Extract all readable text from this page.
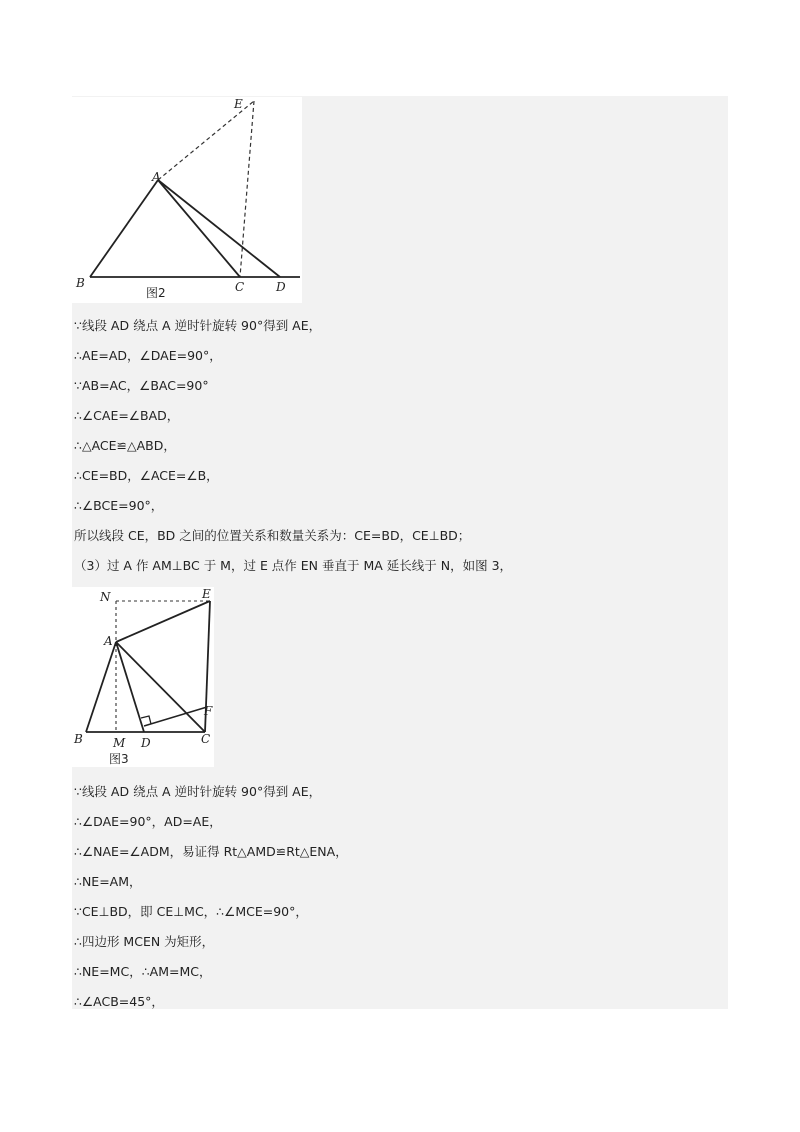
E
A
B	C	D
图2
∵线段 AD 绕点 A 逆时针旋转 90°得到 AE，
∴AE=AD，∠DAE=90°，
∵AB=AC，∠BAC=90°
∴∠CAE=∠BAD，
∴△ACE≌△ABD，
∴CE=BD，∠ACE=∠B，
∴∠BCE=90°，
所以线段 CE，BD 之间的位置关系和数量关系为：CE=BD，CE⊥BD；
（3）过 A 作 AM⊥BC 于 M，过 E 点作 EN 垂直于 MA 延长线于 N，如图 3，
N	E
A
F
B	M D	C
图3
∵线段 AD 绕点 A 逆时针旋转 90°得到 AE，
∴∠DAE=90°，AD=AE，
∴∠NAE=∠ADM，易证得 Rt△AMD≌Rt△ENA，
∴NE=AM，
∵CE⊥BD，即 CE⊥MC，∴∠MCE=90°，
∴四边形 MCEN 为矩形，
∴NE=MC，∴AM=MC，
∴∠ACB=45°，
